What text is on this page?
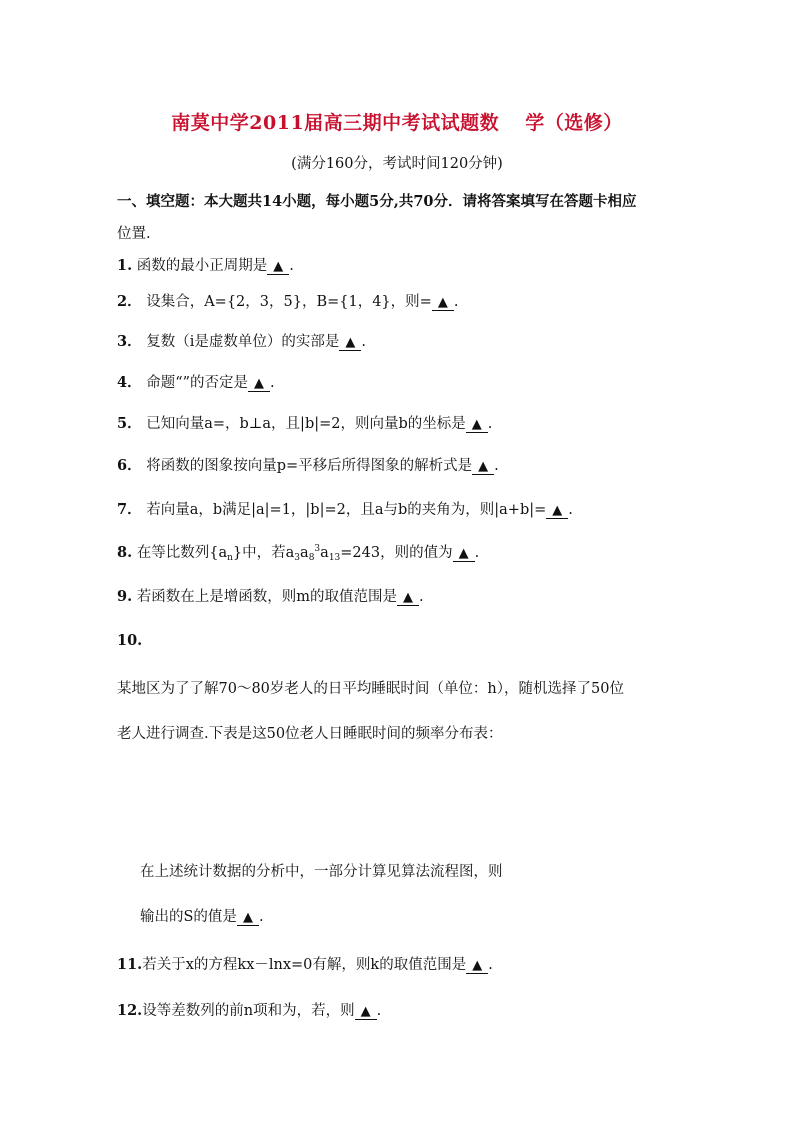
南莫中学2011届高三期中考试试题数 学（选修）
(满分160分，考试时间120分钟)
一、填空题：本大题共14小题，每小题5分,共70分．请将答案填写在答题卡相应
位置.
1. 函数的最小正周期是 ▲ .
2． 设集合，A={2，3，5}，B={1，4}，则= ▲ .
3． 复数（i是虚数单位）的实部是 ▲ .
4． 命题“”的否定是 ▲ .
5． 已知向量a=，b⊥a，且|b|=2，则向量b的坐标是 ▲ .
6． 将函数的图象按向量p=平移后所得图象的解析式是 ▲ .
7． 若向量a，b满足|a|=1，|b|=2，且a与b的夹角为，则|a+b|= ▲ .
8. 在等比数列$\{a_n\}$中，若$a_3a_8^3a_{13}=243$，则的值为 ▲ .
9. 若函数在上是增函数，则m的取值范围是 ▲ .
10.
某地区为了了解70～80岁老人的日平均睡眠时间（单位：h），随机选择了50位
老人进行调查.下表是这50位老人日睡眠时间的频率分布表：
在上述统计数据的分析中，一部分计算见算法流程图，则
输出的S的值是 ▲ .
11.若关于x的方程kx－lnx=0有解，则k的取值范围是 ▲ .
12.设等差数列的前n项和为，若，则 ▲ .
